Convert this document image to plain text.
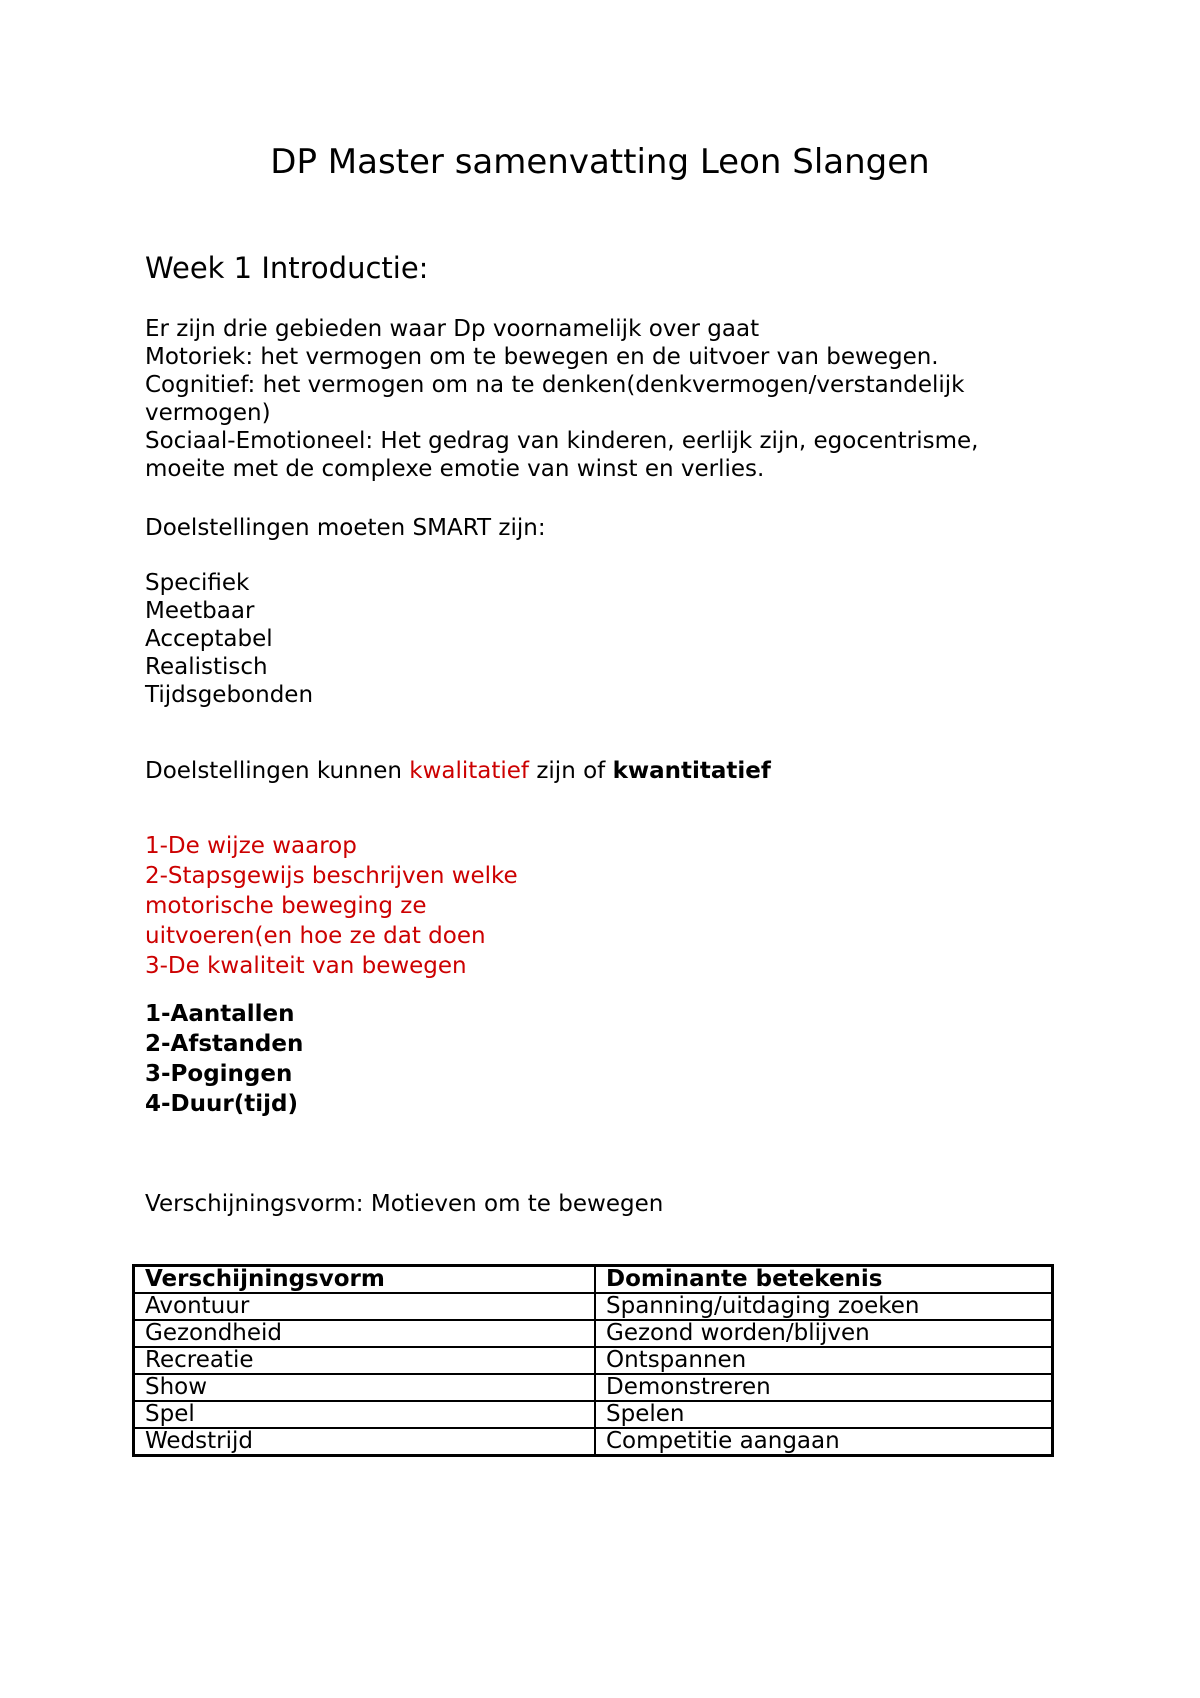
DP Master samenvatting Leon Slangen
Week 1 Introductie:
Er zijn drie gebieden waar Dp voornamelijk over gaat
Motoriek: het vermogen om te bewegen en de uitvoer van bewegen.
Cognitief: het vermogen om na te denken(denkvermogen/verstandelijk
vermogen)
Sociaal-Emotioneel: Het gedrag van kinderen, eerlijk zijn, egocentrisme,
moeite met de complexe emotie van winst en verlies.
Doelstellingen moeten SMART zijn:
Specifiek
Meetbaar
Acceptabel
Realistisch
Tijdsgebonden
Doelstellingen kunnen kwalitatief zijn of kwantitatief
1-De wijze waarop
2-Stapsgewijs beschrijven welke
motorische beweging ze
uitvoeren(en hoe ze dat doen
3-De kwaliteit van bewegen
1-Aantallen
2-Afstanden
3-Pogingen
4-Duur(tijd)
Verschijningsvorm: Motieven om te bewegen
Verschijningsvorm	Dominante betekenis
Avontuur	Spanning/uitdaging zoeken
Gezondheid	Gezond worden/blijven
Recreatie	Ontspannen
Show	Demonstreren
Spel	Spelen
Wedstrijd	Competitie aangaan
